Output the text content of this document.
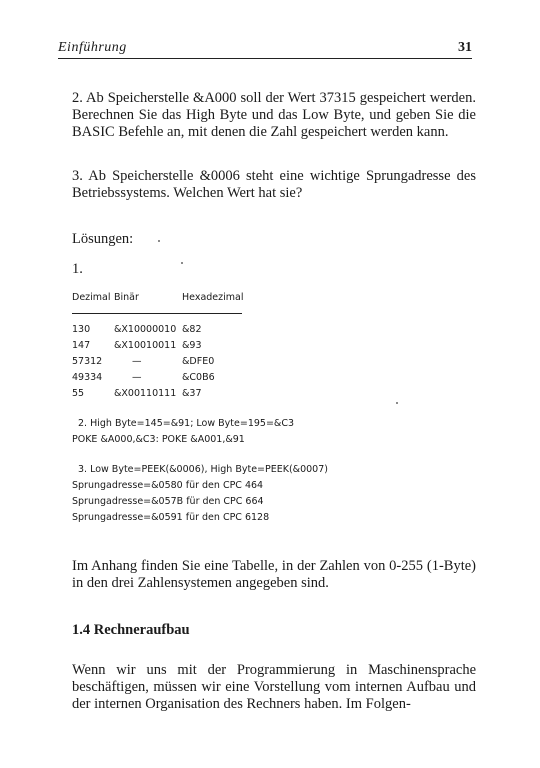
Einführung	31
2. Ab Speicherstelle &A000 soll der Wert 37315 gespeichert werden. Berechnen Sie das High Byte und das Low Byte, und geben Sie die BASIC Befehle an, mit denen die Zahl gespeichert werden kann.
3. Ab Speicherstelle &0006 steht eine wichtige Sprungadresse des Betriebssystems. Welchen Wert hat sie?
Lösungen:
1.
Dezimal Binär	Hexadezimal
130	&X10000010 &82
147	&X10010011 &93
57312	—	&DFE0
49334	—	&C0B6
55	&X00110111 &37
2. High Byte=145=&91; Low Byte=195=&C3
POKE &A000,&C3: POKE &A001,&91
3. Low Byte=PEEK(&0006), High Byte=PEEK(&0007)
Sprungadresse=&0580 für den CPC 464
Sprungadresse=&057B für den CPC 664
Sprungadresse=&0591 für den CPC 6128
Im Anhang finden Sie eine Tabelle, in der Zahlen von 0-255 (1-Byte) in den drei Zahlensystemen angegeben sind.
1.4 Rechneraufbau
Wenn wir uns mit der Programmierung in Maschinensprache beschäftigen, müssen wir eine Vorstellung vom internen Aufbau und der internen Organisation des Rechners haben. Im Folgen-
